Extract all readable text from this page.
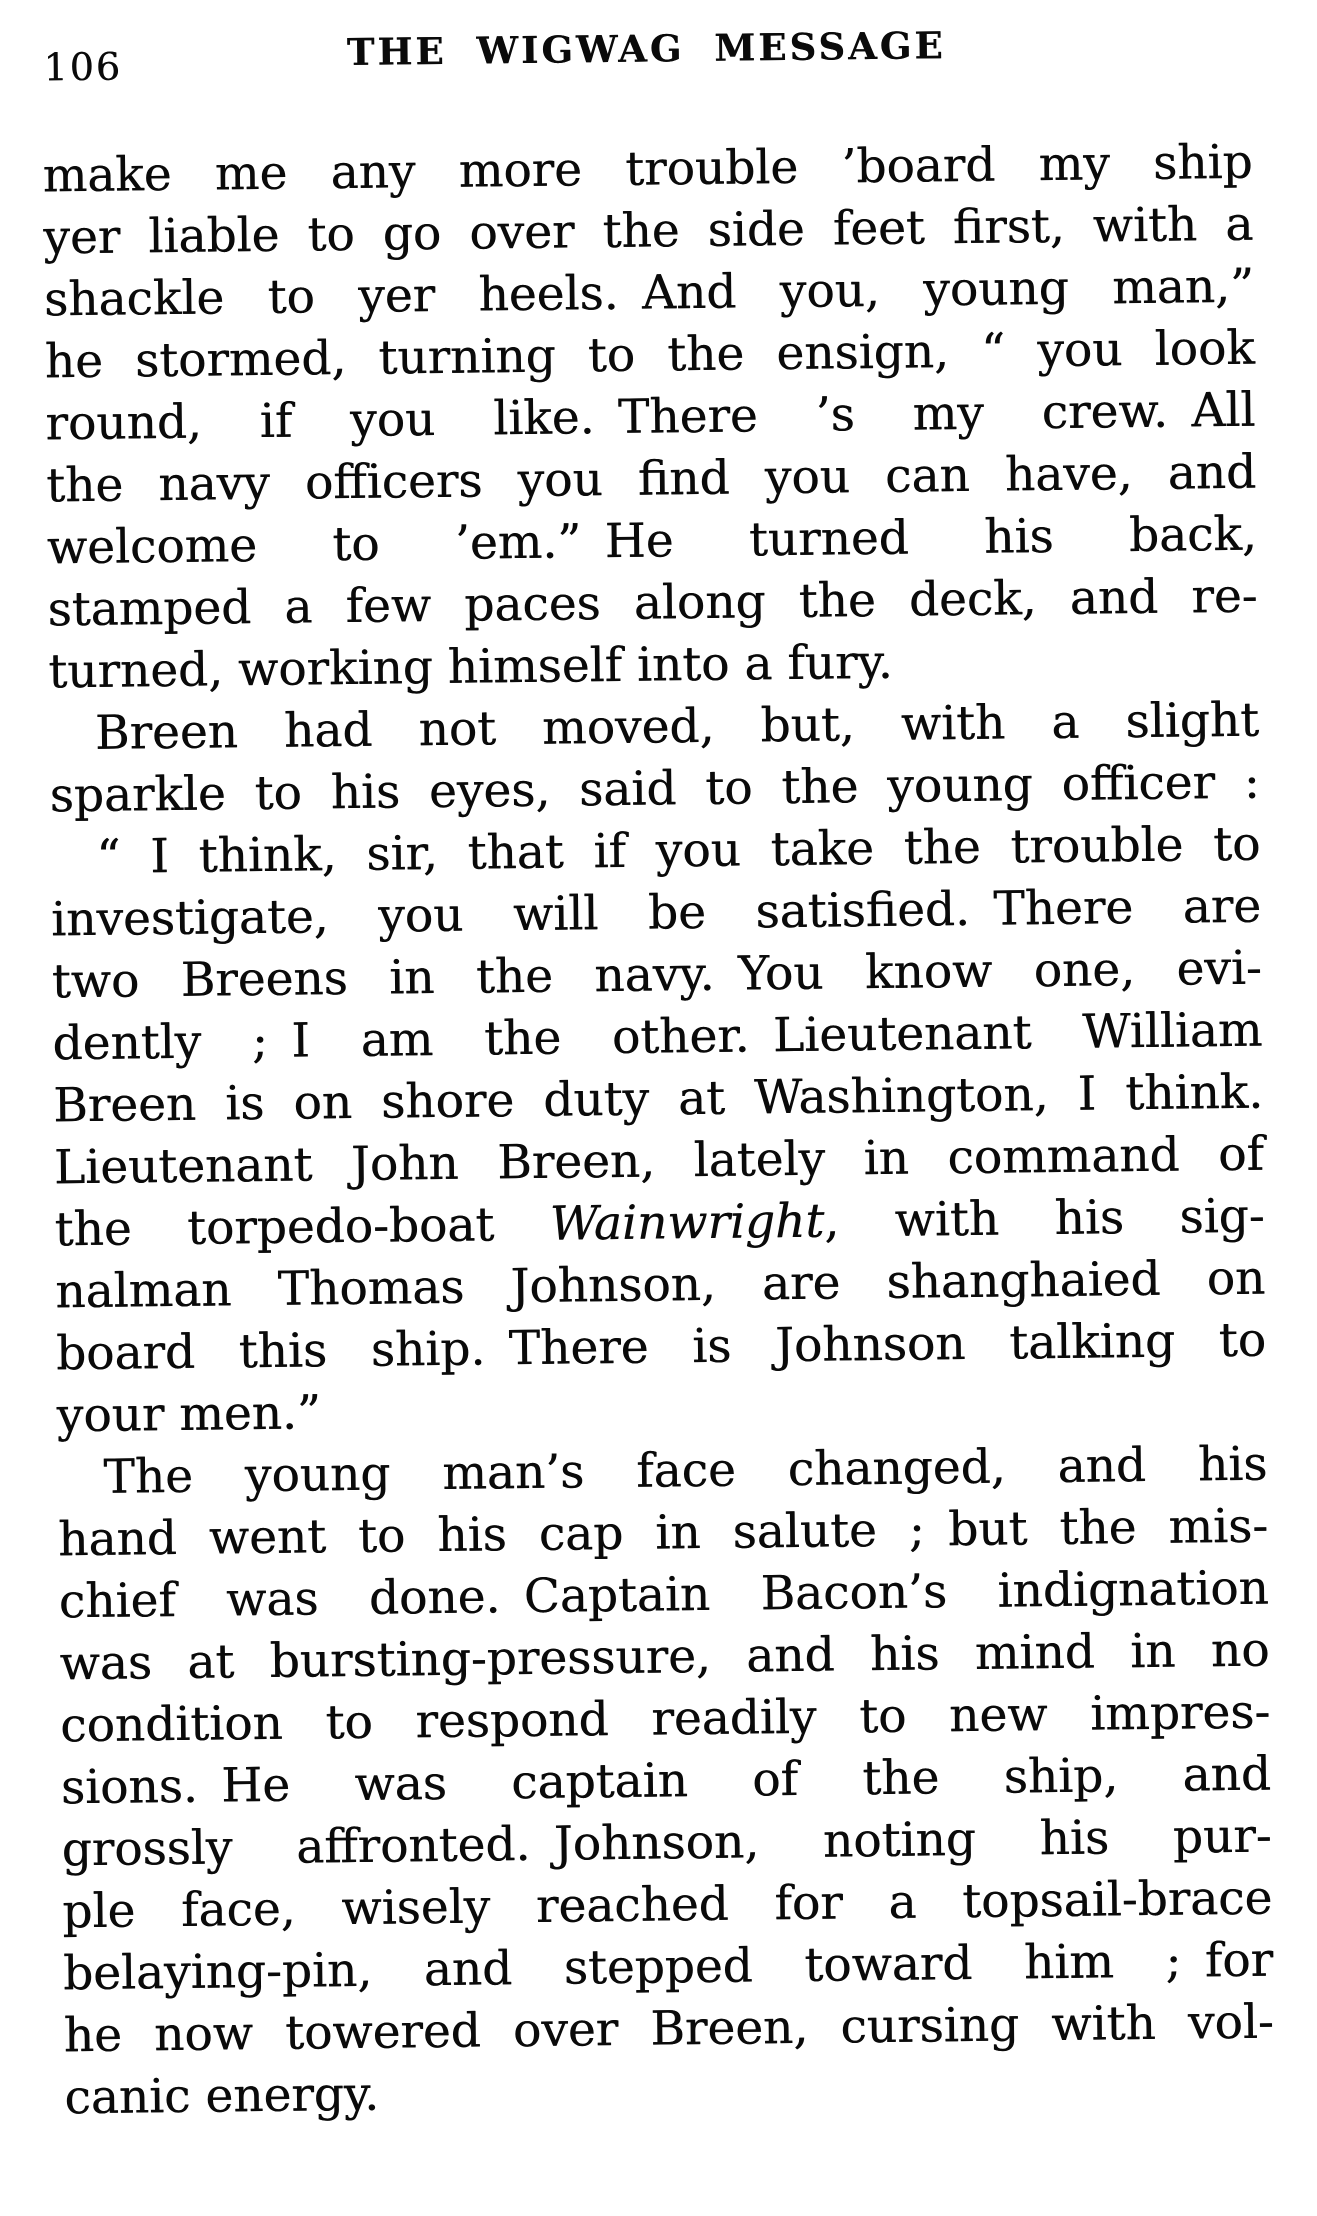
106	THE WIGWAG MESSAGE
make me any more trouble ’board my ship
yer liable to go over the side feet first, with a
shackle to yer heels. And you, young man,”
he stormed, turning to the ensign, “ you look
round, if you like. There ’s my crew. All
the navy officers you find you can have, and
welcome to ’em.” He turned his back,
stamped a few paces along the deck, and re-
turned, working himself into a fury.
Breen had not moved, but, with a slight
sparkle to his eyes, said to the young officer :
“ I think, sir, that if you take the trouble to
investigate, you will be satisfied. There are
two Breens in the navy. You know one, evi-
dently ; I am the other. Lieutenant William
Breen is on shore duty at Washington, I think.
Lieutenant John Breen, lately in command of
the torpedo-boat Wainwright, with his sig-
nalman Thomas Johnson, are shanghaied on
board this ship. There is Johnson talking to
your men.”
The young man’s face changed, and his
hand went to his cap in salute ; but the mis-
chief was done. Captain Bacon’s indignation
was at bursting-pressure, and his mind in no
condition to respond readily to new impres-
sions. He was captain of the ship, and
grossly affronted. Johnson, noting his pur-
ple face, wisely reached for a topsail-brace
belaying-pin, and stepped toward him ; for
he now towered over Breen, cursing with vol-
canic energy.
